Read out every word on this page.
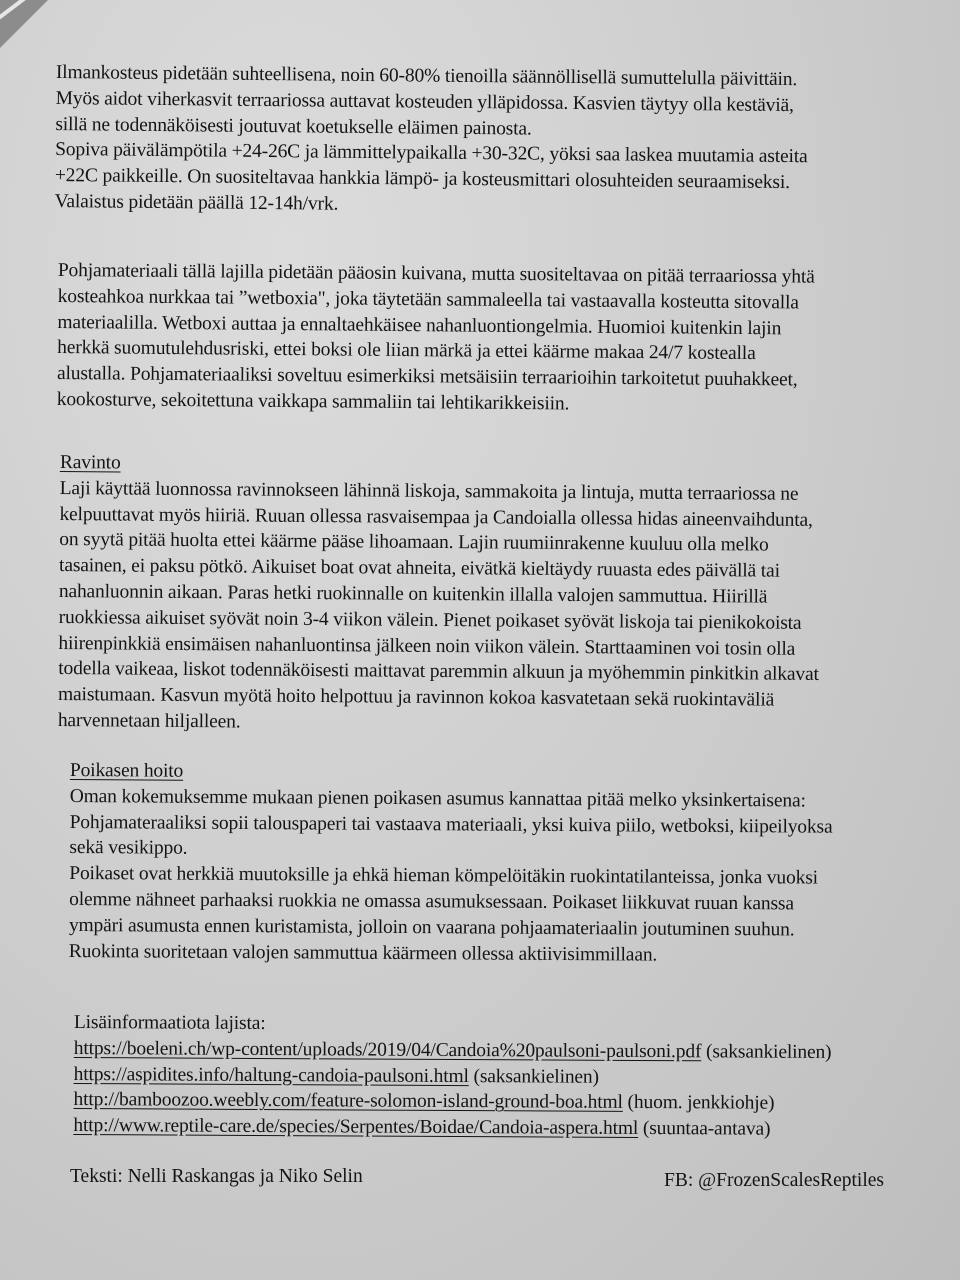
Ilmankosteus pidetään suhteellisena, noin 60-80% tienoilla säännöllisellä sumuttelulla päivittäin.
Myös aidot viherkasvit terraariossa auttavat kosteuden ylläpidossa. Kasvien täytyy olla kestäviä,
sillä ne todennäköisesti joutuvat koetukselle eläimen painosta.
Sopiva päivälämpötila +24-26C ja lämmittelypaikalla +30-32C, yöksi saa laskea muutamia asteita
+22C paikkeille. On suositeltavaa hankkia lämpö- ja kosteusmittari olosuhteiden seuraamiseksi.
Valaistus pidetään päällä 12-14h/vrk.
Pohjamateriaali tällä lajilla pidetään pääosin kuivana, mutta suositeltavaa on pitää terraariossa yhtä
kosteahkoa nurkkaa tai ”wetboxia", joka täytetään sammaleella tai vastaavalla kosteutta sitovalla
materiaalilla. Wetboxi auttaa ja ennaltaehkäisee nahanluontiongelmia. Huomioi kuitenkin lajin
herkkä suomutulehdusriski, ettei boksi ole liian märkä ja ettei käärme makaa 24/7 kostealla
alustalla. Pohjamateriaaliksi soveltuu esimerkiksi metsäisiin terraarioihin tarkoitetut puuhakkeet,
kookosturve, sekoitettuna vaikkapa sammaliin tai lehtikarikkeisiin.
Ravinto
Laji käyttää luonnossa ravinnokseen lähinnä liskoja, sammakoita ja lintuja, mutta terraariossa ne
kelpuuttavat myös hiiriä. Ruuan ollessa rasvaisempaa ja Candoialla ollessa hidas aineenvaihdunta,
on syytä pitää huolta ettei käärme pääse lihoamaan. Lajin ruumiinrakenne kuuluu olla melko
tasainen, ei paksu pötkö. Aikuiset boat ovat ahneita, eivätkä kieltäydy ruuasta edes päivällä tai
nahanluonnin aikaan. Paras hetki ruokinnalle on kuitenkin illalla valojen sammuttua. Hiirillä
ruokkiessa aikuiset syövät noin 3-4 viikon välein. Pienet poikaset syövät liskoja tai pienikokoista
hiirenpinkkiä ensimäisen nahanluontinsa jälkeen noin viikon välein. Starttaaminen voi tosin olla
todella vaikeaa, liskot todennäköisesti maittavat paremmin alkuun ja myöhemmin pinkitkin alkavat
maistumaan. Kasvun myötä hoito helpottuu ja ravinnon kokoa kasvatetaan sekä ruokintaväliä
harvennetaan hiljalleen.
Poikasen hoito
Oman kokemuksemme mukaan pienen poikasen asumus kannattaa pitää melko yksinkertaisena:
Pohjamateraaliksi sopii talouspaperi tai vastaava materiaali, yksi kuiva piilo, wetboksi, kiipeilyoksa
sekä vesikippo.
Poikaset ovat herkkiä muutoksille ja ehkä hieman kömpelöitäkin ruokintatilanteissa, jonka vuoksi
olemme nähneet parhaaksi ruokkia ne omassa asumuksessaan. Poikaset liikkuvat ruuan kanssa
ympäri asumusta ennen kuristamista, jolloin on vaarana pohjaamateriaalin joutuminen suuhun.
Ruokinta suoritetaan valojen sammuttua käärmeen ollessa aktiivisimmillaan.
Lisäinformaatiota lajista:
https://boeleni.ch/wp-content/uploads/2019/04/Candoia%20paulsoni-paulsoni.pdf (saksankielinen)
https://aspidites.info/haltung-candoia-paulsoni.html (saksankielinen)
http://bamboozoo.weebly.com/feature-solomon-island-ground-boa.html (huom. jenkkiohje)
http://www.reptile-care.de/species/Serpentes/Boidae/Candoia-aspera.html (suuntaa-antava)
Teksti: Nelli Raskangas ja Niko Selin	FB: @FrozenScalesReptiles
